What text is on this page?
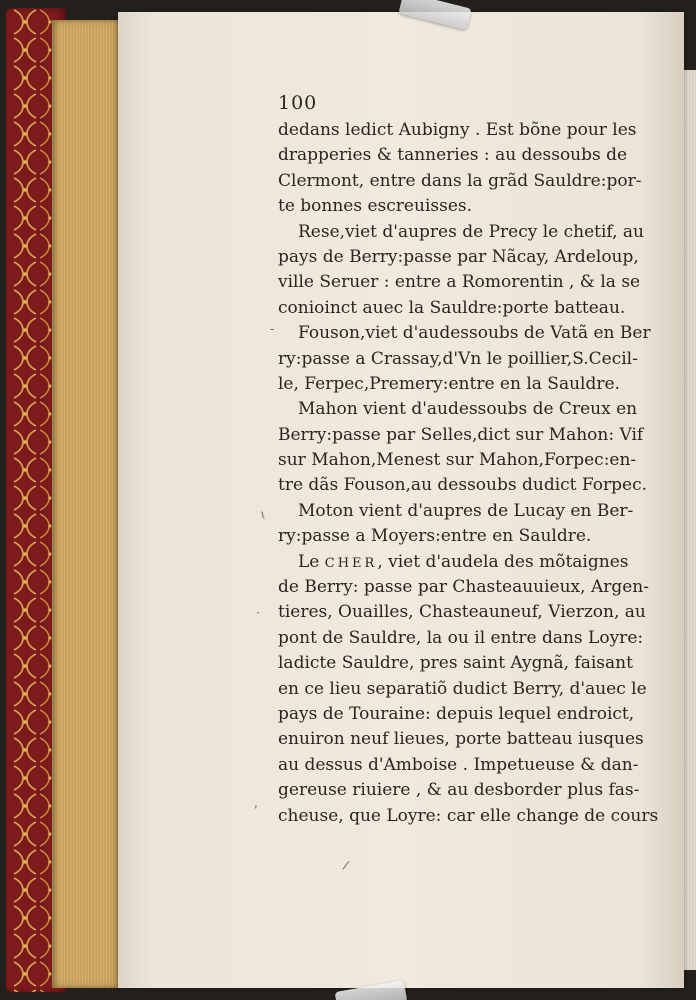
100
dedans ledict Aubigny . Est bõne pour les
drapperies & tanneries : au dessoubs de
Clermont, entre dans la grãd Sauldre:por-
te bonnes escreuisses.
Rese,viet d'aupres de Precy le chetif, au
pays de Berry:passe par Nãcay, Ardeloup,
ville Seruer : entre a Romorentin , & la se
conioinct auec la Sauldre:porte batteau.
Fouson,viet d'audessoubs de Vatã en Ber
ry:passe a Crassay,d'Vn le poillier,S.Cecil-
le, Ferpec,Premery:entre en la Sauldre.
Mahon vient d'audessoubs de Creux en
Berry:passe par Selles,dict sur Mahon: Vif
sur Mahon,Menest sur Mahon,Forpec:en-
tre dãs Fouson,au dessoubs dudict Forpec.
Moton vient d'aupres de Lucay en Ber-
ry:passe a Moyers:entre en Sauldre.
Le CHER, viet d'audela des mõtaignes
de Berry: passe par Chasteauuieux, Argen-
tieres, Ouailles, Chasteauneuf, Vierzon, au
pont de Sauldre, la ou il entre dans Loyre:
ladicte Sauldre, pres saint Aygnã, faisant
en ce lieu separatiõ dudict Berry, d'auec le
pays de Touraine: depuis lequel endroict,
enuiron neuf lieues, porte batteau iusques
au dessus d'Amboise . Impetueuse & dan-
gereuse riuiere , & au desborder plus fas-
cheuse, que Loyre: car elle change de cours
~
·
-
,
/
